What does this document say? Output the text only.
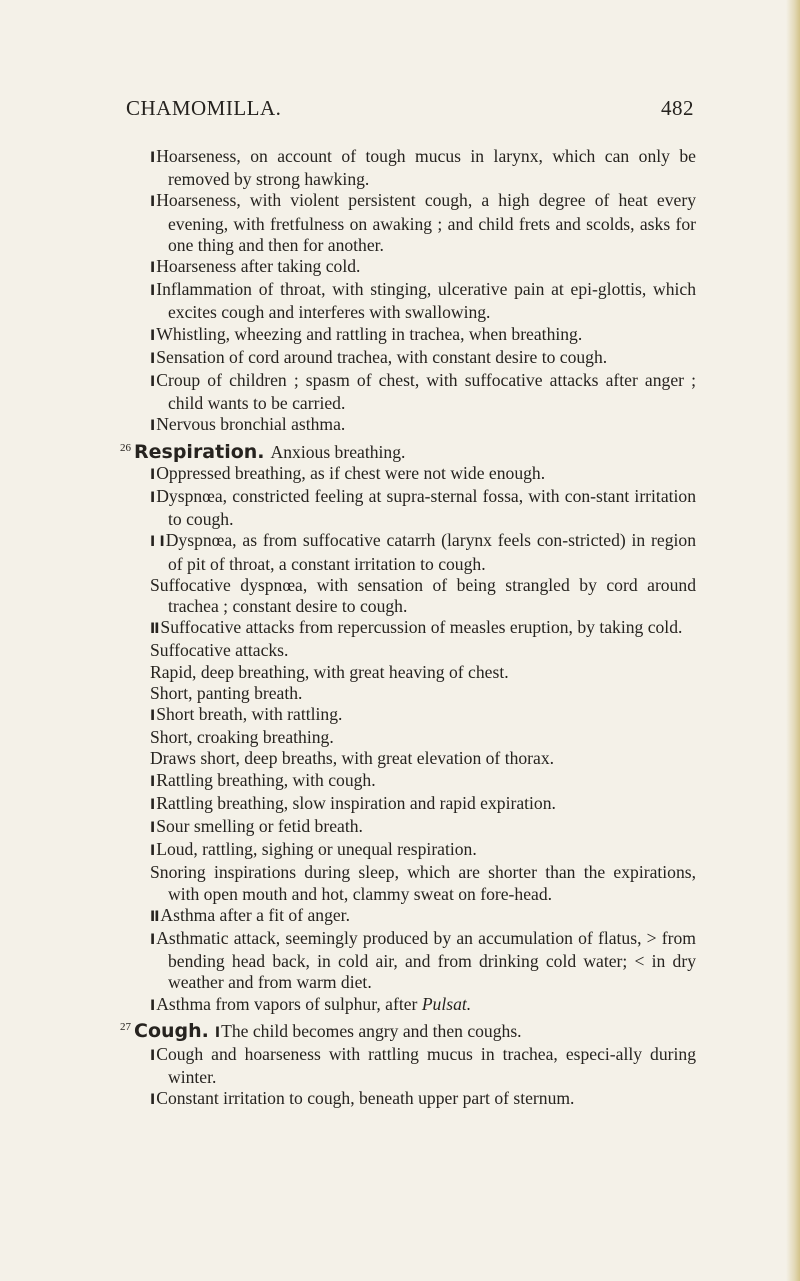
CHAMOMILLA.	482

I Hoarseness, on account of tough mucus in larynx, which can only be removed by strong hawking.

I Hoarseness, with violent persistent cough, a high degree of heat every evening, with fretfulness on awaking ; and child frets and scolds, asks for one thing and then for another.

I Hoarseness after taking cold.

I Inflammation of throat, with stinging, ulcerative pain at epi-glottis, which excites cough and interferes with swallowing.

I Whistling, wheezing and rattling in trachea, when breathing.

I Sensation of cord around trachea, with constant desire to cough.

I Croup of children ; spasm of chest, with suffocative attacks after anger ; child wants to be carried.

I Nervous bronchial asthma.

$^{26}$ Respiration. Anxious breathing.

I Oppressed breathing, as if chest were not wide enough.

I Dyspnœa, constricted feeling at supra-sternal fossa, with con-stant irritation to cough.

I I Dyspnœa, as from suffocative catarrh (larynx feels con-stricted) in region of pit of throat, a constant irritation to cough.

Suffocative dyspnœa, with sensation of being strangled by cord around trachea ; constant desire to cough.

II Suffocative attacks from repercussion of measles eruption, by taking cold.

Suffocative attacks.

Rapid, deep breathing, with great heaving of chest.

Short, panting breath.

I Short breath, with rattling.

Short, croaking breathing.

Draws short, deep breaths, with great elevation of thorax.

I Rattling breathing, with cough.

I Rattling breathing, slow inspiration and rapid expiration.

I Sour smelling or fetid breath.

I Loud, rattling, sighing or unequal respiration.

Snoring inspirations during sleep, which are shorter than the expirations, with open mouth and hot, clammy sweat on fore-head.

II Asthma after a fit of anger.

I Asthmatic attack, seemingly produced by an accumulation of flatus, > from bending head back, in cold air, and from drinking cold water; < in dry weather and from warm diet.

I Asthma from vapors of sulphur, after Pulsat.

$^{27}$ Cough. I The child becomes angry and then coughs.

I Cough and hoarseness with rattling mucus in trachea, especi-ally during winter.

I Constant irritation to cough, beneath upper part of sternum.
